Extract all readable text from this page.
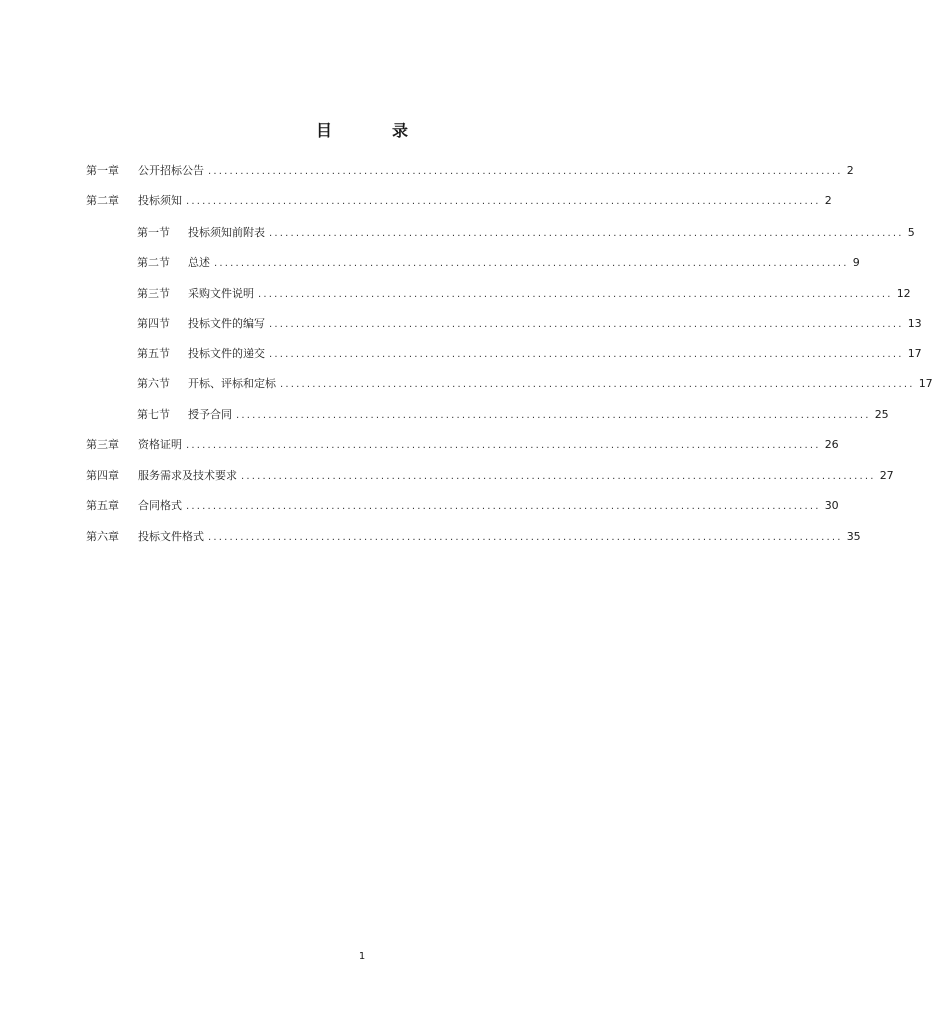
目	录
第一章	公开招标公告 ...................................................................................................................... 2
第二章	投标须知 ...................................................................................................................... 2
第一节	投标须知前附表 ...................................................................................................................... 5
第二节	总述 ...................................................................................................................... 9
第三节	采购文件说明 ...................................................................................................................... 12
第四节	投标文件的编写 ...................................................................................................................... 13
第五节	投标文件的递交 ...................................................................................................................... 17
第六节	开标、评标和定标 ...................................................................................................................... 17
第七节	授予合同 ...................................................................................................................... 25
第三章	资格证明 ...................................................................................................................... 26
第四章	服务需求及技术要求 ...................................................................................................................... 27
第五章	合同格式 ...................................................................................................................... 30
第六章	投标文件格式 ...................................................................................................................... 35
1
